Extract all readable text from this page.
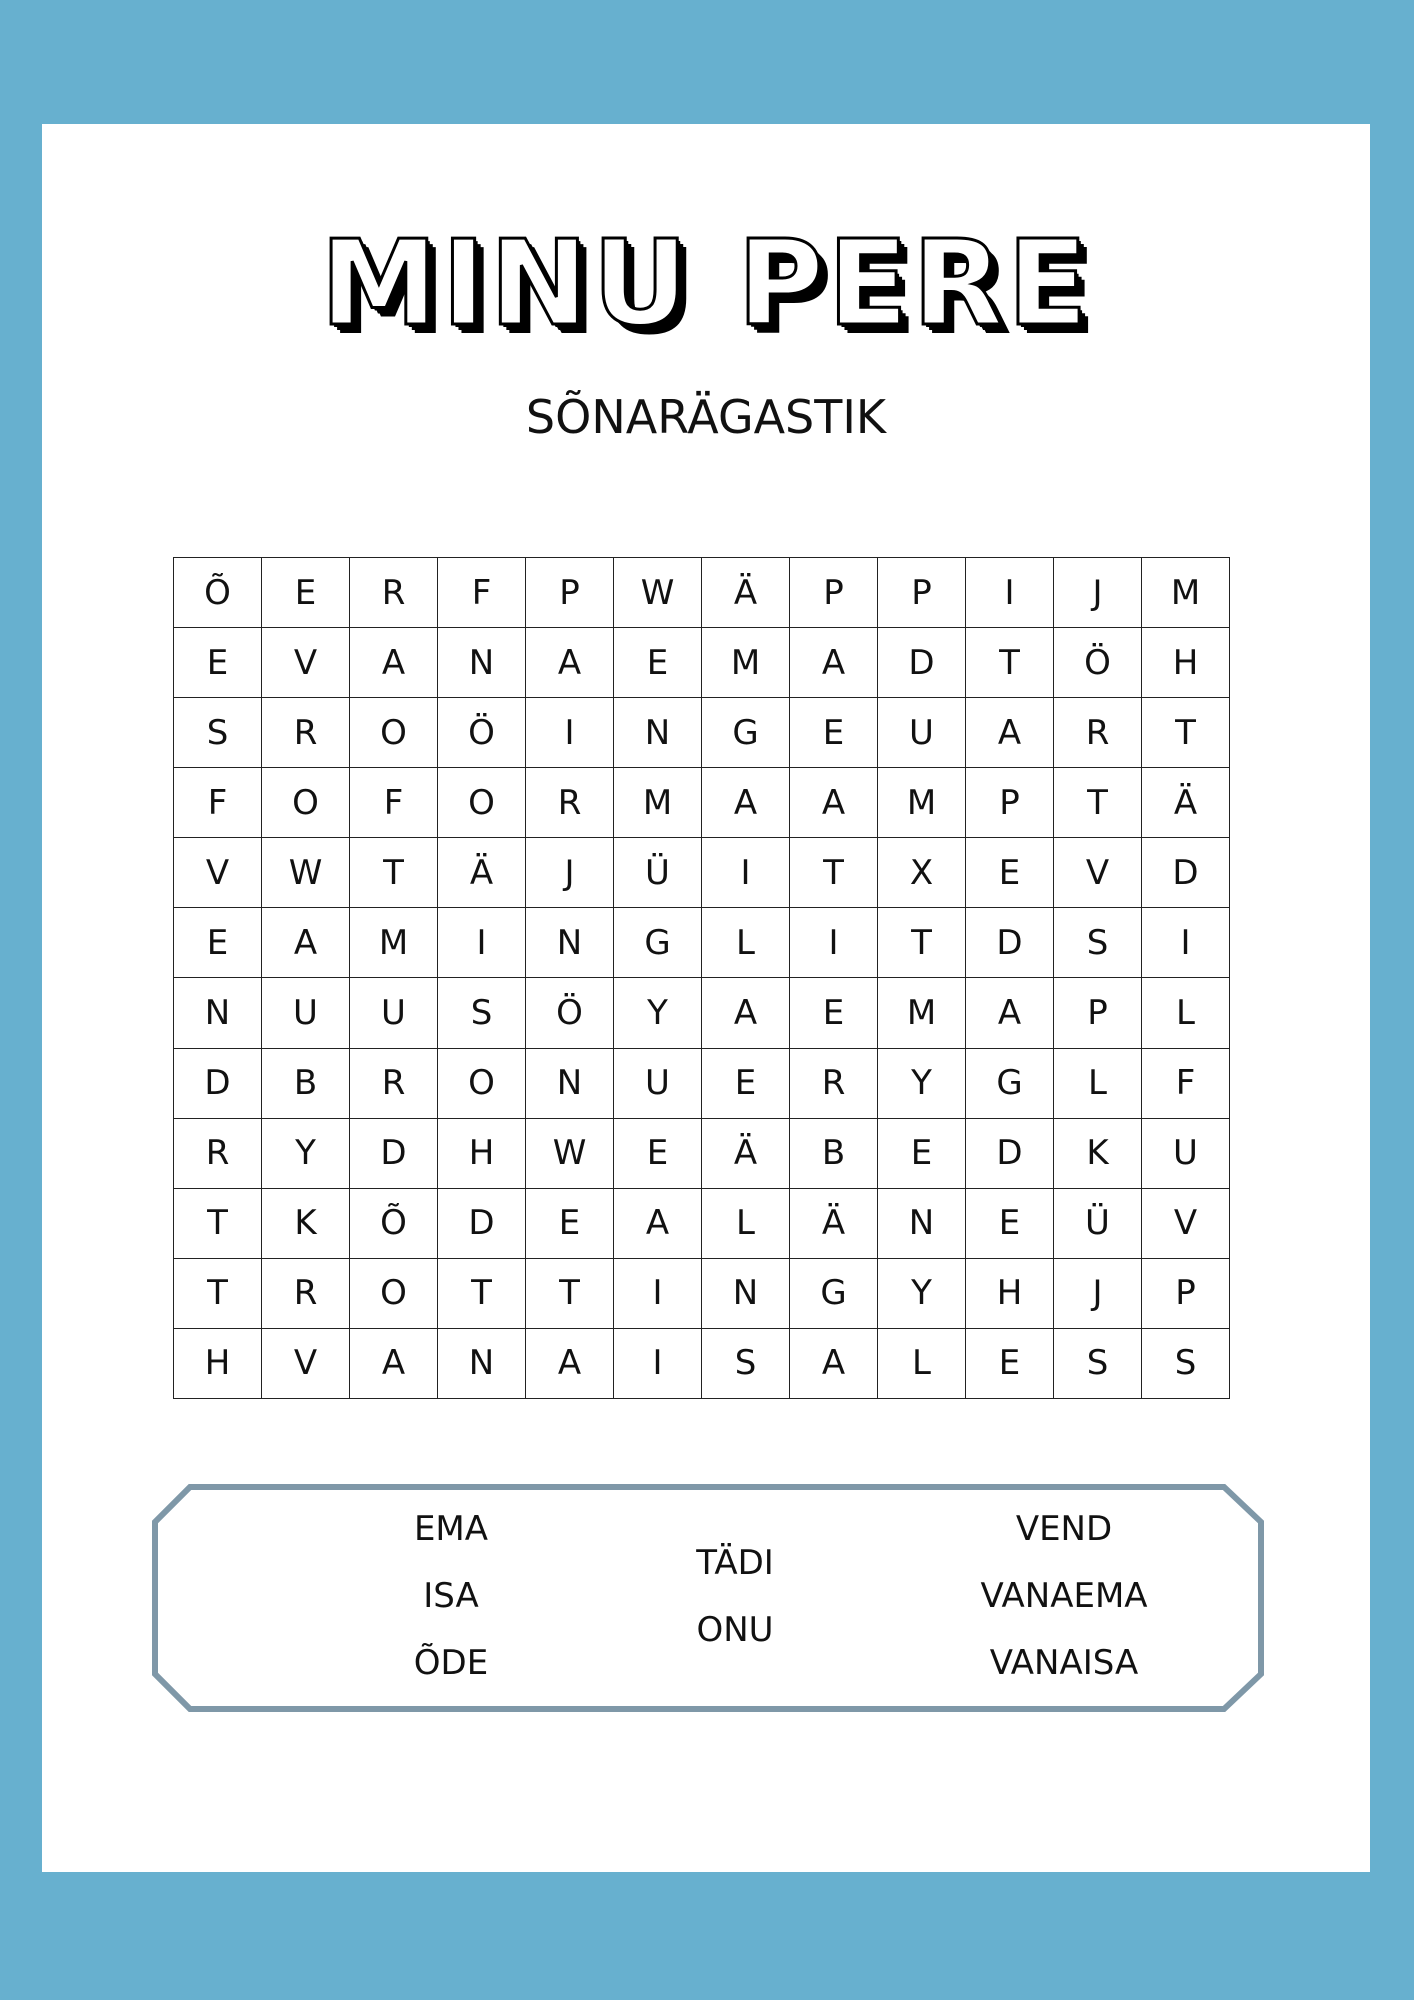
MINU PERE
SÕNARÄGASTIK
Õ	E	R	F	P	W	Ä	P	P	I	J	M
E	V	A	N	A	E	M	A	D	T	Ö	H
S	R	O	Ö	I	N	G	E	U	A	R	T
F	O	F	O	R	M	A	A	M	P	T	Ä
V	W	T	Ä	J	Ü	I	T	X	E	V	D
E	A	M	I	N	G	L	I	T	D	S	I
N	U	U	S	Ö	Y	A	E	M	A	P	L
D	B	R	O	N	U	E	R	Y	G	L	F
R	Y	D	H	W	E	Ä	B	E	D	K	U
T	K	Õ	D	E	A	L	Ä	N	E	Ü	V
T	R	O	T	T	I	N	G	Y	H	J	P
H	V	A	N	A	I	S	A	L	E	S	S
EMA
ISA
ÕDE
TÄDI
ONU
VEND
VANAEMA
VANAISA
